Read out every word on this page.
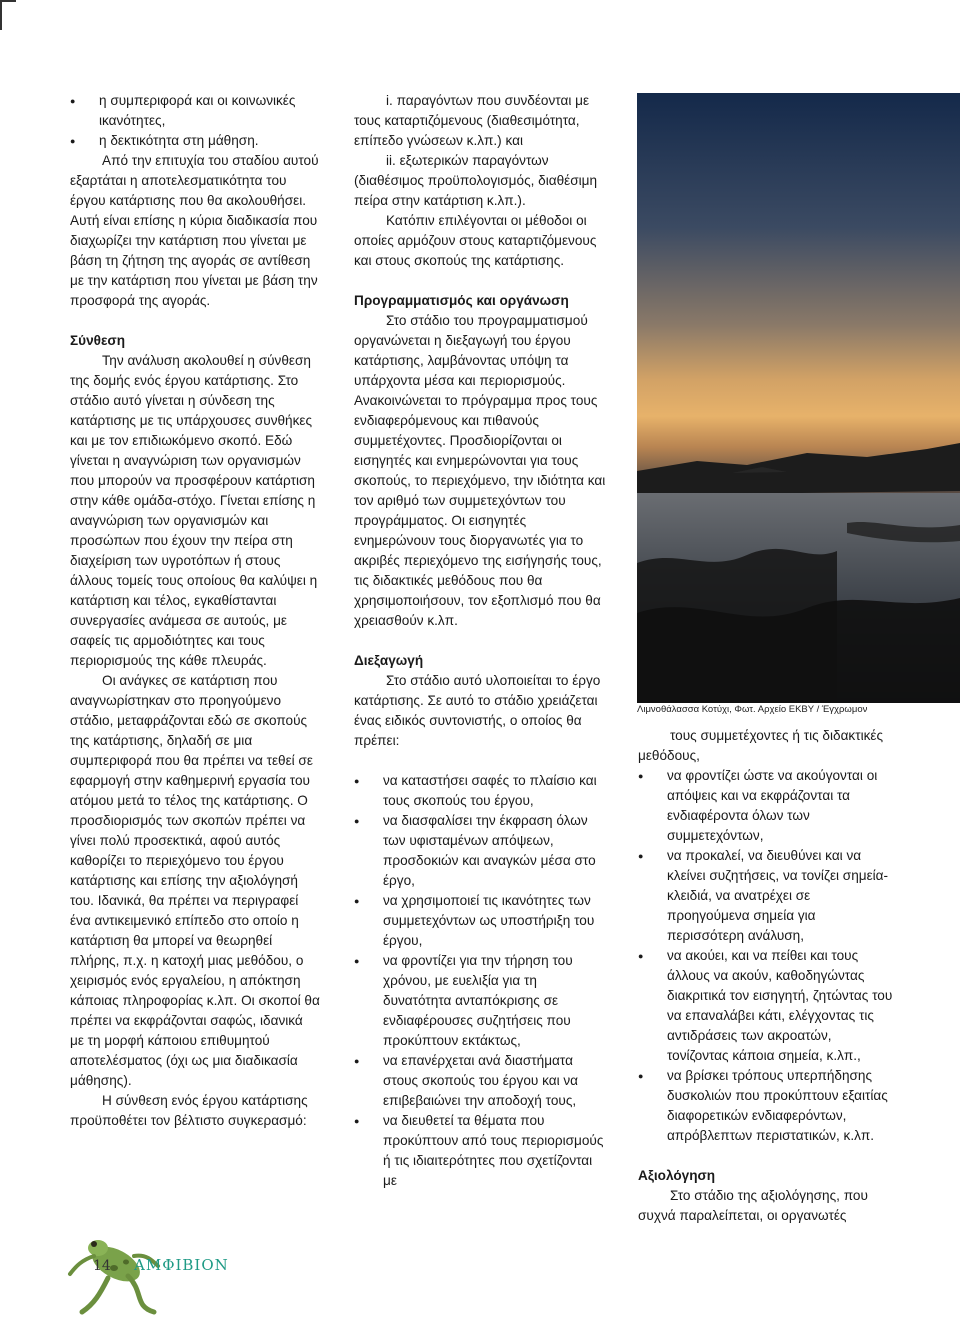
● η συμπεριφορά και οι κοινωνικές ικανότητες,

● η δεκτικότητα στη μάθηση.

Από την επιτυχία του σταδίου αυτού εξαρτάται η αποτελεσματικότητα του έργου κατάρτισης που θα ακολουθήσει. Αυτή είναι επίσης η κύρια διαδικασία που διαχωρίζει την κατάρτιση που γίνεται με βάση τη ζήτηση της αγοράς σε αντίθεση με την κατάρτιση που γίνεται με βάση την προσφορά της αγοράς.

Σύνθεση

Την ανάλυση ακολουθεί η σύνθεση της δομής ενός έργου κατάρτισης. Στο στάδιο αυτό γίνεται η σύνδεση της κατάρτισης με τις υπάρχουσες συνθήκες και με τον επιδιωκόμενο σκοπό. Εδώ γίνεται η αναγνώριση των οργανισμών που μπορούν να προσφέρουν κατάρτιση στην κάθε ομάδα-στόχο. Γίνεται επίσης η αναγνώριση των οργανισμών και προσώπων που έχουν την πείρα στη διαχείριση των υγροτόπων ή στους άλλους τομείς τους οποίους θα καλύψει η κατάρτιση και τέλος, εγκαθίστανται συνεργασίες ανάμεσα σε αυτούς, με σαφείς τις αρμοδιότητες και τους περιορισμούς της κάθε πλευράς.

Οι ανάγκες σε κατάρτιση που αναγνωρίστηκαν στο προηγούμενο στάδιο, μεταφράζονται εδώ σε σκοπούς της κατάρτισης, δηλαδή σε μια συμπεριφορά που θα πρέπει να τεθεί σε εφαρμογή στην καθημερινή εργασία του ατόμου μετά το τέλος της κατάρτισης. Ο προσδιορισμός των σκοπών πρέπει να γίνει πολύ προσεκτικά, αφού αυτός καθορίζει το περιεχόμενο του έργου κατάρτισης και επίσης την αξιολόγησή του. Ιδανικά, θα πρέπει να περιγραφεί ένα αντικειμενικό επίπεδο στο οποίο η κατάρτιση θα μπορεί να θεωρηθεί πλήρης, π.χ. η κατοχή μιας μεθόδου, ο χειρισμός ενός εργαλείου, η απόκτηση κάποιας πληροφορίας κ.λπ. Οι σκοποί θα πρέπει να εκφράζονται σαφώς, ιδανικά με τη μορφή κάποιου επιθυμητού αποτελέσματος (όχι ως μια διαδικασία μάθησης).

Η σύνθεση ενός έργου κατάρτισης προϋποθέτει τον βέλτιστο συγκερασμό:

i. παραγόντων που συνδέονται με τους καταρτιζόμενους (διαθεσιμότητα, επίπεδο γνώσεων κ.λπ.) και

ii. εξωτερικών παραγόντων (διαθέσιμος προϋπολογισμός, διαθέσιμη πείρα στην κατάρτιση κ.λπ.).

Κατόπιν επιλέγονται οι μέθοδοι οι οποίες αρμόζουν στους καταρτιζόμενους και στους σκοπούς της κατάρτισης.

Προγραμματισμός και οργάνωση

Στο στάδιο του προγραμματισμού οργανώνεται η διεξαγωγή του έργου κατάρτισης, λαμβάνοντας υπόψη τα υπάρχοντα μέσα και περιορισμούς. Ανακοινώνεται το πρόγραμμα προς τους ενδιαφερόμενους και πιθανούς συμμετέχοντες. Προσδιορίζονται οι εισηγητές και ενημερώνονται για τους σκοπούς, το περιεχόμενο, την ιδιότητα και τον αριθμό των συμμετεχόντων του προγράμματος. Οι εισηγητές ενημερώνουν τους διοργανωτές για το ακριβές περιεχόμενο της εισήγησής τους, τις διδακτικές μεθόδους που θα χρησιμοποιήσουν, τον εξοπλισμό που θα χρειασθούν κ.λπ.

Διεξαγωγή

Στο στάδιο αυτό υλοποιείται το έργο κατάρτισης. Σε αυτό το στάδιο χρειάζεται ένας ειδικός συντονιστής, ο οποίος θα πρέπει:

● να καταστήσει σαφές το πλαίσιο και τους σκοπούς του έργου,

● να διασφαλίσει την έκφραση όλων των υφισταμένων απόψεων, προσδοκιών και αναγκών μέσα στο έργο,

● να χρησιμοποιεί τις ικανότητες των συμμετεχόντων ως υποστήριξη του έργου,

● να φροντίζει για την τήρηση του χρόνου, με ευελιξία για τη δυνατότητα ανταπόκρισης σε ενδιαφέρουσες συζητήσεις που προκύπτουν εκτάκτως,

● να επανέρχεται ανά διαστήματα στους σκοπούς του έργου και να επιβεβαιώνει την αποδοχή τους,

● να διευθετεί τα θέματα που προκύπτουν από τους περιορισμούς ή τις ιδιαιτερότητες που σχετίζονται με

τους συμμετέχοντες ή τις διδακτικές μεθόδους,

● να φροντίζει ώστε να ακούγονται οι απόψεις και να εκφράζονται τα ενδιαφέροντα όλων των συμμετεχόντων,

● να προκαλεί, να διευθύνει και να κλείνει συζητήσεις, να τονίζει σημεία-κλειδιά, να ανατρέχει σε προηγούμενα σημεία για περισσότερη ανάλυση,

● να ακούει, και να πείθει και τους άλλους να ακούν, καθοδηγώντας διακριτικά τον εισηγητή, ζητώντας του να επαναλάβει κάτι, ελέγχοντας τις αντιδράσεις των ακροατών, τονίζοντας κάποια σημεία, κ.λπ.,

● να βρίσκει τρόπους υπερπήδησης δυσκολιών που προκύπτουν εξαιτίας διαφορετικών ενδιαφερόντων, απρόβλεπτων περιστατικών, κ.λπ.

Αξιολόγηση

Στο στάδιο της αξιολόγησης, που συχνά παραλείπεται, οι οργανωτές

Λιμνοθάλασσα Κοτύχι, Φωτ. Αρχείο ΕΚΒΥ / Έγχρωμον
14 ΑΜΦΙΒΙΟΝ
